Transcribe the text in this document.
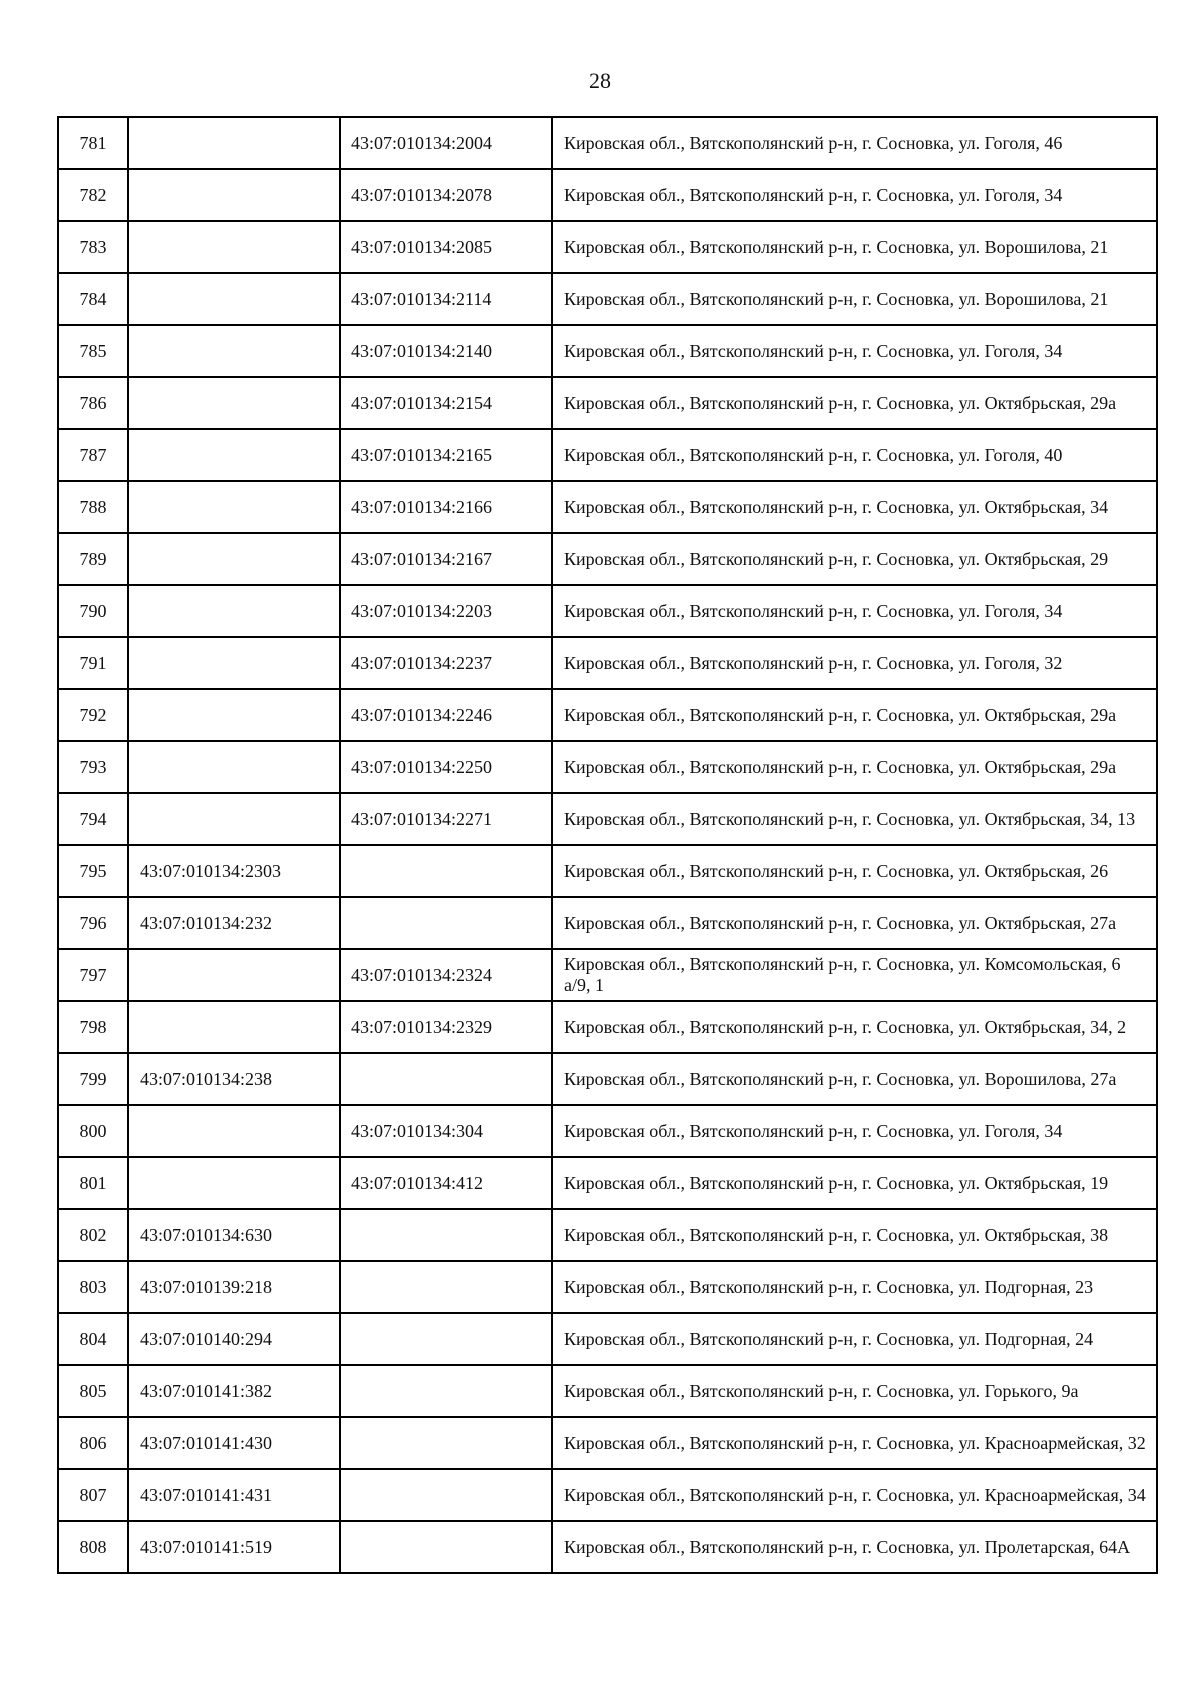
28
781		43:07:010134:2004	Кировская обл., Вятскополянский р-н, г. Сосновка, ул. Гоголя, 46
782		43:07:010134:2078	Кировская обл., Вятскополянский р-н, г. Сосновка, ул. Гоголя, 34
783		43:07:010134:2085	Кировская обл., Вятскополянский р-н, г. Сосновка, ул. Ворошилова, 21
784		43:07:010134:2114	Кировская обл., Вятскополянский р-н, г. Сосновка, ул. Ворошилова, 21
785		43:07:010134:2140	Кировская обл., Вятскополянский р-н, г. Сосновка, ул. Гоголя, 34
786		43:07:010134:2154	Кировская обл., Вятскополянский р-н, г. Сосновка, ул. Октябрьская, 29а
787		43:07:010134:2165	Кировская обл., Вятскополянский р-н, г. Сосновка, ул. Гоголя, 40
788		43:07:010134:2166	Кировская обл., Вятскополянский р-н, г. Сосновка, ул. Октябрьская, 34
789		43:07:010134:2167	Кировская обл., Вятскополянский р-н, г. Сосновка, ул. Октябрьская, 29
790		43:07:010134:2203	Кировская обл., Вятскополянский р-н, г. Сосновка, ул. Гоголя, 34
791		43:07:010134:2237	Кировская обл., Вятскополянский р-н, г. Сосновка, ул. Гоголя, 32
792		43:07:010134:2246	Кировская обл., Вятскополянский р-н, г. Сосновка, ул. Октябрьская, 29а
793		43:07:010134:2250	Кировская обл., Вятскополянский р-н, г. Сосновка, ул. Октябрьская, 29а
794		43:07:010134:2271	Кировская обл., Вятскополянский р-н, г. Сосновка, ул. Октябрьская, 34, 13
795	43:07:010134:2303		Кировская обл., Вятскополянский р-н, г. Сосновка, ул. Октябрьская, 26
796	43:07:010134:232		Кировская обл., Вятскополянский р-н, г. Сосновка, ул. Октябрьская, 27а
797		43:07:010134:2324	Кировская обл., Вятскополянский р-н, г. Сосновка, ул. Комсомольская, 6 а/9, 1
798		43:07:010134:2329	Кировская обл., Вятскополянский р-н, г. Сосновка, ул. Октябрьская, 34, 2
799	43:07:010134:238		Кировская обл., Вятскополянский р-н, г. Сосновка, ул. Ворошилова, 27а
800		43:07:010134:304	Кировская обл., Вятскополянский р-н, г. Сосновка, ул. Гоголя, 34
801		43:07:010134:412	Кировская обл., Вятскополянский р-н, г. Сосновка, ул. Октябрьская, 19
802	43:07:010134:630		Кировская обл., Вятскополянский р-н, г. Сосновка, ул. Октябрьская, 38
803	43:07:010139:218		Кировская обл., Вятскополянский р-н, г. Сосновка, ул. Подгорная, 23
804	43:07:010140:294		Кировская обл., Вятскополянский р-н, г. Сосновка, ул. Подгорная, 24
805	43:07:010141:382		Кировская обл., Вятскополянский р-н, г. Сосновка, ул. Горького, 9а
806	43:07:010141:430		Кировская обл., Вятскополянский р-н, г. Сосновка, ул. Красноармейская, 32
807	43:07:010141:431		Кировская обл., Вятскополянский р-н, г. Сосновка, ул. Красноармейская, 34
808	43:07:010141:519		Кировская обл., Вятскополянский р-н, г. Сосновка, ул. Пролетарская, 64А
